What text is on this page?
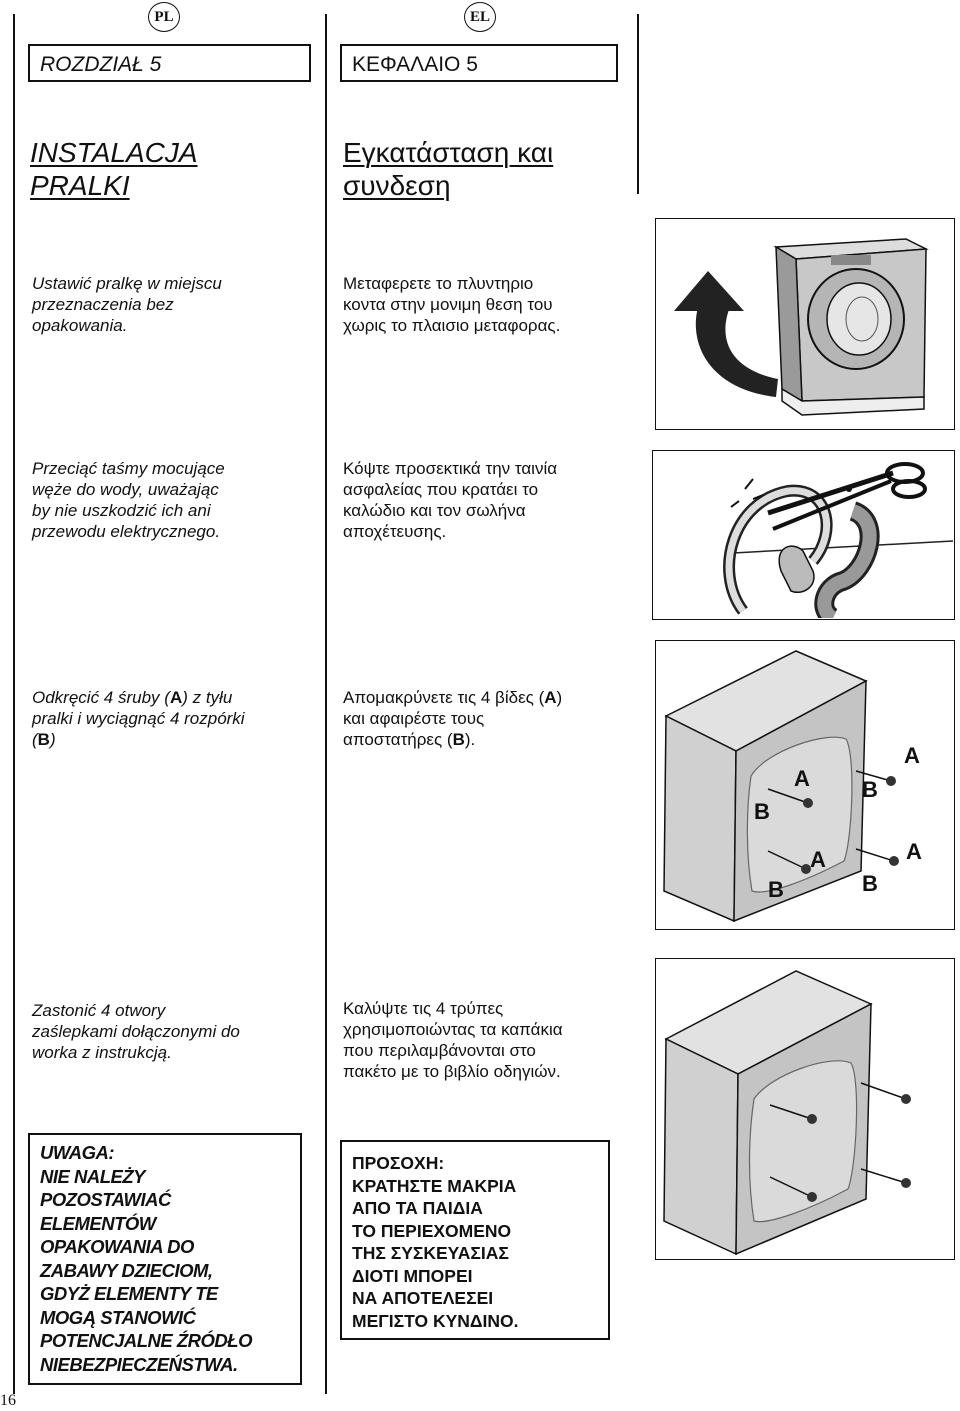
PL	EL
ROZDZIAŁ 5	ΚΕΦΑΛΑΙΟ 5
INSTALACJA
PRALKI
Εγκατάσταση και
συνδεση
Ustawić pralkę w miejscu
przeznaczenia bez
opakowania.
Μεταφερετε το πλυντηριο
κοντα στην μονιμη θεση του
χωρις το πλαισιο μεταφορας.
Przeciąć taśmy mocujące
węże do wody, uważając
by nie uszkodzić ich ani
przewodu elektrycznego.
Κόψτε προσεκτικά την ταινία
ασφαλείας που κρατάει το
καλώδιο και τον σωλήνα
αποχέτευσης.
Odkręcić 4 śruby (A) z tyłu
pralki i wyciągnąć 4 rozpórki
(B)
Απομακρύνετε τις 4 βίδες (A)
και αφαιρέστε τους
αποστατήρες (B).
A
A
A	A
B
B
B	B
Zastonić 4 otwory
zaślepkami dołączonymi do
worka z instrukcją.
Καλύψτε τις 4 τρύπες
χρησιμοποιώντας τα καπάκια
που περιλαμβάνονται στο
πακέτο με το βιβλίο οδηγιών.
UWAGA:
NIE NALEŻY
POZOSTAWIAĆ
ELEMENTÓW
OPAKOWANIA DO
ZABAWY DZIECIOM,
GDYŻ ELEMENTY TE
MOGĄ STANOWIĆ
POTENCJALNE ŹRÓDŁO
NIEBEZPIECZEŃSTWA.
ΠΡΟΣΟΧΗ:
ΚΡΑΤΗΣΤΕ ΜΑΚΡΙΑ
ΑΠΟ ΤΑ ΠΑΙΔΙΑ
ΤΟ ΠΕΡΙΕΧΟΜΕΝΟ
ΤΗΣ ΣΥΣΚΕΥΑΣΙΑΣ
ΔΙΟΤΙ ΜΠΟΡΕΙ
ΝΑ ΑΠΟΤΕΛΕΣΕΙ
ΜΕΓΙΣΤΟ ΚΥΝΔΙΝΟ.
16
